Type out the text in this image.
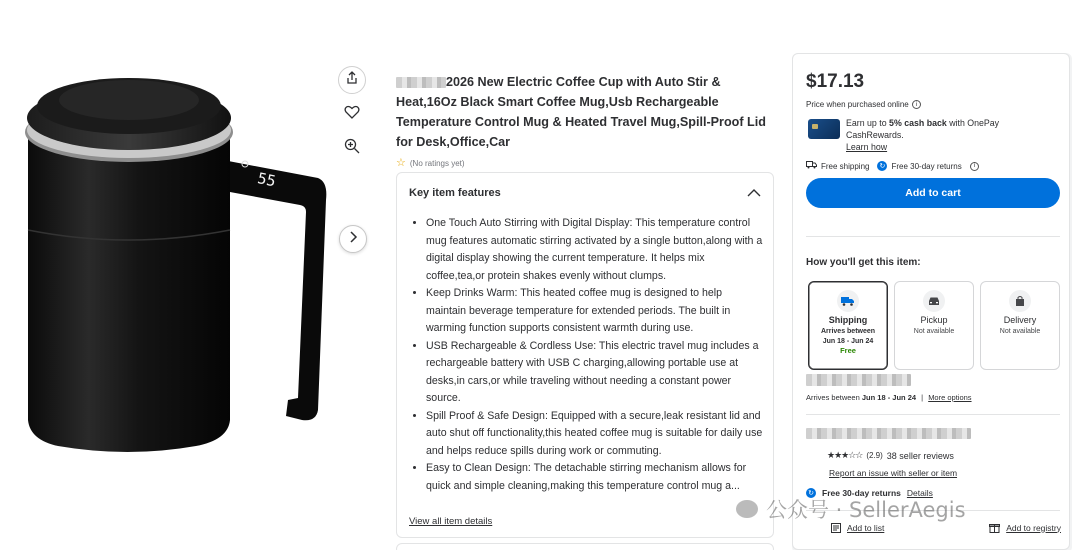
55
2026 New Electric Coffee Cup with Auto Stir & Heat,16Oz Black Smart Coffee Mug,Usb Rechargeable Temperature Control Mug & Heated Travel Mug,Spill-Proof Lid for Desk,Office,Car
☆ (No ratings yet)
Key item features
• One Touch Auto Stirring with Digital Display: This temperature control mug features automatic stirring activated by a single button,along with a digital display showing the current temperature. It helps mix coffee,tea,or protein shakes evenly without clumps.
• Keep Drinks Warm: This heated coffee mug is designed to help maintain beverage temperature for extended periods. The built in warming function supports consistent warmth during use.
• USB Rechargeable & Cordless Use: This electric travel mug includes a rechargeable battery with USB C charging,allowing portable use at desks,in cars,or while traveling without needing a constant power source.
• Spill Proof & Safe Design: Equipped with a secure,leak resistant lid and auto shut off functionality,this heated coffee mug is suitable for daily use and helps reduce spills during work or commuting.
• Easy to Clean Design: The detachable stirring mechanism allows for quick and simple cleaning,making this temperature control mug a...
View all item details
$17.13
Price when purchased online	i
Earn up to 5% cash back with OnePay CashRewards.
Learn how
Free shipping ↻ Free 30-day returns	i
Add to cart
How you'll get this item:
Shipping
Arrives between
Jun 18 - Jun 24
Free
Pickup
Not available
Delivery
Not available
Arrives between Jun 18 - Jun 24 | More options
★★★☆☆ (2.9) 38 seller reviews
Report an issue with seller or item
↻ Free 30-day returns Details
Add to list	Add to registry
公众号 · SellerAegis
